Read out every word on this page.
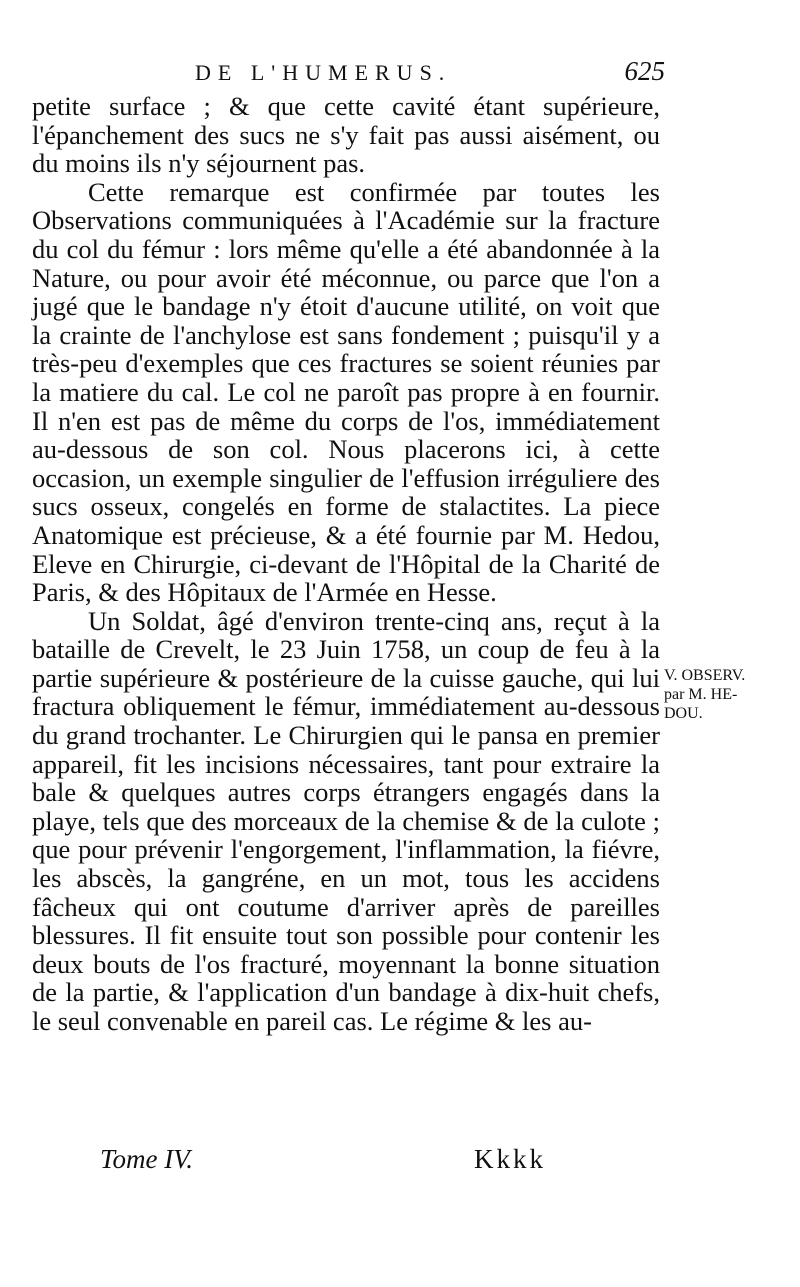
DE L'HUMERUS.	625

petite surface ; & que cette cavité étant supérieure, l'épanchement des sucs ne s'y fait pas aussi aisément, ou du moins ils n'y séjournent pas.

Cette remarque est confirmée par toutes les Observations communiquées à l'Académie sur la fracture du col du fémur : lors même qu'elle a été abandonnée à la Nature, ou pour avoir été méconnue, ou parce que l'on a jugé que le bandage n'y étoit d'aucune utilité, on voit que la crainte de l'anchylose est sans fondement ; puisqu'il y a très-peu d'exemples que ces fractures se soient réunies par la matiere du cal. Le col ne paroît pas propre à en fournir. Il n'en est pas de même du corps de l'os, immédiatement au-dessous de son col. Nous placerons ici, à cette occasion, un exemple singulier de l'effusion irréguliere des sucs osseux, congelés en forme de stalactites. La piece Anatomique est précieuse, & a été fournie par M. Hedou, Eleve en Chirurgie, ci-devant de l'Hôpital de la Charité de Paris, & des Hôpitaux de l'Armée en Hesse.

Un Soldat, âgé d'environ trente-cinq ans, reçut à la bataille de Crevelt, le 23 Juin 1758, un coup de feu à la partie supérieure & postérieure de la cuisse gauche, qui lui fractura obliquement le fémur, immédiatement au-dessous du grand trochanter. Le Chirurgien qui le pansa en premier appareil, fit les incisions nécessaires, tant pour extraire la bale & quelques autres corps étrangers engagés dans la playe, tels que des morceaux de la chemise & de la culote ; que pour prévenir l'engorgement, l'inflammation, la fiévre, les abscès, la gangréne, en un mot, tous les accidens fâcheux qui ont coutume d'arriver après de pareilles blessures. Il fit ensuite tout son possible pour contenir les deux bouts de l'os fracturé, moyennant la bonne situation de la partie, & l'application d'un bandage à dix-huit chefs, le seul convenable en pareil cas. Le régime & les au-

V. OBSERV.
par M. HE-
DOU.
Tome IV.	Kkkk
